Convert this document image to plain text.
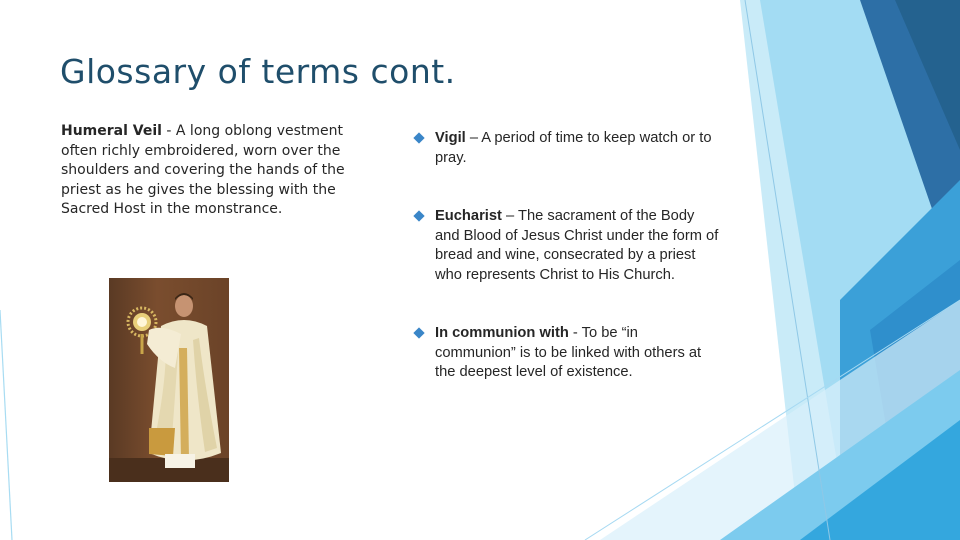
Glossary of terms cont.
Humeral Veil - A long oblong vestment often richly embroidered, worn over the shoulders and covering the hands of the priest as he gives the blessing with the Sacred Host in the monstrance.
Vigil – A period of time to keep watch or to pray.
Eucharist – The sacrament of the Body and Blood of Jesus Christ under the form of bread and wine, consecrated by a priest who represents Christ to His Church.
In communion with - To be “in communion” is to be linked with others at the deepest level of existence.
